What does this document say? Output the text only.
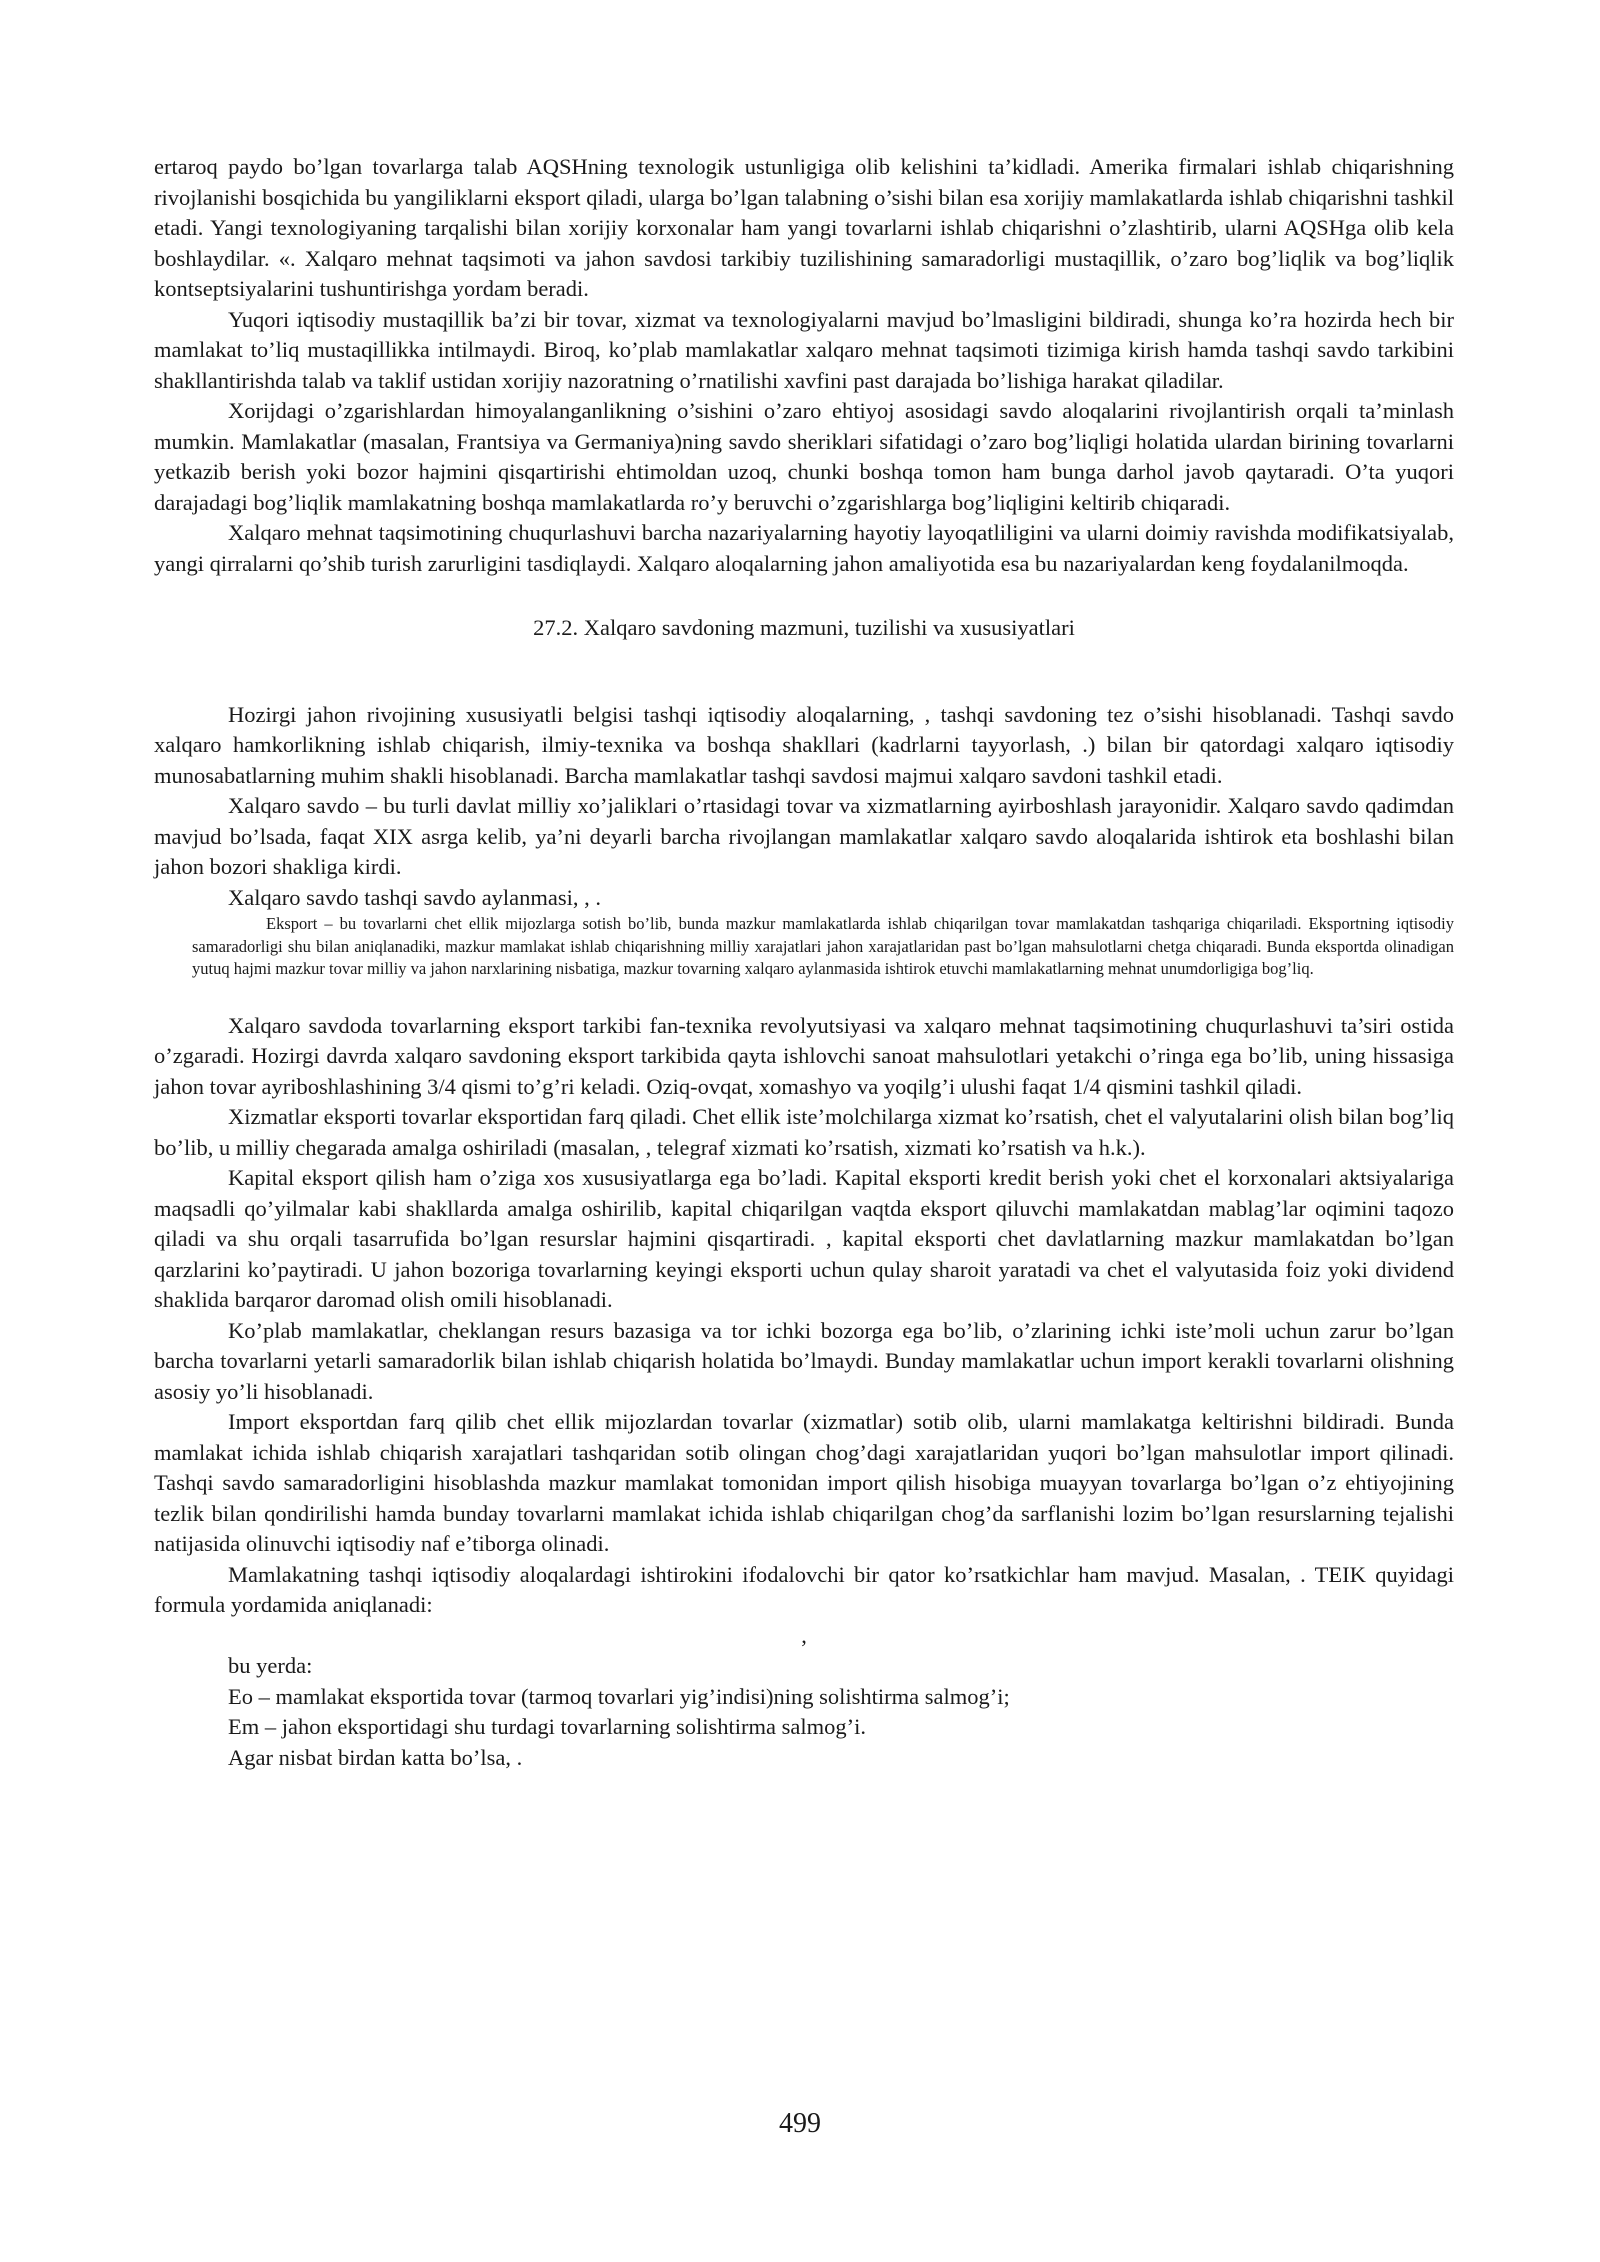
ertaroq paydo bo’lgan tovarlarga talab AQSHning texnologik ustunligiga olib kelishini ta’kidladi. Amerika firmalari ishlab chiqarishning rivojlanishi bosqichida bu yangiliklarni eksport qiladi, ularga bo’lgan talabning o’sishi bilan esa xorijiy mamlakatlarda ishlab chiqarishni tashkil etadi. Yangi texnologiyaning tarqalishi bilan xorijiy korxonalar ham yangi tovarlarni ishlab chiqarishni o’zlashtirib, ularni AQSHga olib kela boshlaydilar. «. Xalqaro mehnat taqsimoti va jahon savdosi tarkibiy tuzilishining samaradorligi mustaqillik, o’zaro bog’liqlik va bog’liqlik kontseptsiyalarini tushuntirishga yordam beradi.

Yuqori iqtisodiy mustaqillik ba’zi bir tovar, xizmat va texnologiyalarni mavjud bo’lmasligini bildiradi, shunga ko’ra hozirda hech bir mamlakat to’liq mustaqillikka intilmaydi. Biroq, ko’plab mamlakatlar xalqaro mehnat taqsimoti tizimiga kirish hamda tashqi savdo tarkibini shakllantirishda talab va taklif ustidan xorijiy nazoratning o’rnatilishi xavfini past darajada bo’lishiga harakat qiladilar.

Xorijdagi o’zgarishlardan himoyalanganlikning o’sishini o’zaro ehtiyoj asosidagi savdo aloqalarini rivojlantirish orqali ta’minlash mumkin. Mamlakatlar (masalan, Frantsiya va Germaniya)ning savdo sheriklari sifatidagi o’zaro bog’liqligi holatida ulardan birining tovarlarni yetkazib berish yoki bozor hajmini qisqartirishi ehtimoldan uzoq, chunki boshqa tomon ham bunga darhol javob qaytaradi. O’ta yuqori darajadagi bog’liqlik mamlakatning boshqa mamlakatlarda ro’y beruvchi o’zgarishlarga bog’liqligini keltirib chiqaradi.

Xalqaro mehnat taqsimotining chuqurlashuvi barcha nazariyalarning hayotiy layoqatliligini va ularni doimiy ravishda modifikatsiyalab, yangi qirralarni qo’shib turish zarurligini tasdiqlaydi. Xalqaro aloqalarning jahon amaliyotida esa bu nazariyalardan keng foydalanilmoqda.

27.2. Xalqaro savdoning mazmuni, tuzilishi va xususiyatlari

Hozirgi jahon rivojining xususiyatli belgisi tashqi iqtisodiy aloqalarning, , tashqi savdoning tez o’sishi hisoblanadi. Tashqi savdo xalqaro hamkorlikning ishlab chiqarish, ilmiy-texnika va boshqa shakllari (kadrlarni tayyorlash, .) bilan bir qatordagi xalqaro iqtisodiy munosabatlarning muhim shakli hisoblanadi. Barcha mamlakatlar tashqi savdosi majmui xalqaro savdoni tashkil etadi.

Xalqaro savdo – bu turli davlat milliy xo’jaliklari o’rtasidagi tovar va xizmatlarning ayirboshlash jarayonidir. Xalqaro savdo qadimdan mavjud bo’lsada, faqat XIX asrga kelib, ya’ni deyarli barcha rivojlangan mamlakatlar xalqaro savdo aloqalarida ishtirok eta boshlashi bilan jahon bozori shakliga kirdi.

Xalqaro savdo tashqi savdo aylanmasi, , .

Eksport – bu tovarlarni chet ellik mijozlarga sotish bo’lib, bunda mazkur mamlakatlarda ishlab chiqarilgan tovar mamlakatdan tashqariga chiqariladi. Eksportning iqtisodiy samaradorligi shu bilan aniqlanadiki, mazkur mamlakat ishlab chiqarishning milliy xarajatlari jahon xarajatlaridan past bo’lgan mahsulotlarni chetga chiqaradi. Bunda eksportda olinadigan yutuq hajmi mazkur tovar milliy va jahon narxlarining nisbatiga, mazkur tovarning xalqaro aylanmasida ishtirok etuvchi mamlakatlarning mehnat unumdorligiga bog’liq.

Xalqaro savdoda tovarlarning eksport tarkibi fan-texnika revolyutsiyasi va xalqaro mehnat taqsimotining chuqurlashuvi ta’siri ostida o’zgaradi. Hozirgi davrda xalqaro savdoning eksport tarkibida qayta ishlovchi sanoat mahsulotlari yetakchi o’ringa ega bo’lib, uning hissasiga jahon tovar ayriboshlashining 3/4 qismi to’g’ri keladi. Oziq-ovqat, xomashyo va yoqilg’i ulushi faqat 1/4 qismini tashkil qiladi.

Xizmatlar eksporti tovarlar eksportidan farq qiladi. Chet ellik iste’molchilarga xizmat ko’rsatish, chet el valyutalarini olish bilan bog’liq bo’lib, u milliy chegarada amalga oshiriladi (masalan, , telegraf xizmati ko’rsatish, xizmati ko’rsatish va h.k.).

Kapital eksport qilish ham o’ziga xos xususiyatlarga ega bo’ladi. Kapital eksporti kredit berish yoki chet el korxonalari aktsiyalariga maqsadli qo’yilmalar kabi shakllarda amalga oshirilib, kapital chiqarilgan vaqtda eksport qiluvchi mamlakatdan mablag’lar oqimini taqozo qiladi va shu orqali tasarrufida bo’lgan resurslar hajmini qisqartiradi. , kapital eksporti chet davlatlarning mazkur mamlakatdan bo’lgan qarzlarini ko’paytiradi. U jahon bozoriga tovarlarning keyingi eksporti uchun qulay sharoit yaratadi va chet el valyutasida foiz yoki dividend shaklida barqaror daromad olish omili hisoblanadi.

Ko’plab mamlakatlar, cheklangan resurs bazasiga va tor ichki bozorga ega bo’lib, o’zlarining ichki iste’moli uchun zarur bo’lgan barcha tovarlarni yetarli samaradorlik bilan ishlab chiqarish holatida bo’lmaydi. Bunday mamlakatlar uchun import kerakli tovarlarni olishning asosiy yo’li hisoblanadi.

Import eksportdan farq qilib chet ellik mijozlardan tovarlar (xizmatlar) sotib olib, ularni mamlakatga keltirishni bildiradi. Bunda mamlakat ichida ishlab chiqarish xarajatlari tashqaridan sotib olingan chog’dagi xarajatlaridan yuqori bo’lgan mahsulotlar import qilinadi. Tashqi savdo samaradorligini hisoblashda mazkur mamlakat tomonidan import qilish hisobiga muayyan tovarlarga bo’lgan o’z ehtiyojining tezlik bilan qondirilishi hamda bunday tovarlarni mamlakat ichida ishlab chiqarilgan chog’da sarflanishi lozim bo’lgan resurslarning tejalishi natijasida olinuvchi iqtisodiy naf e’tiborga olinadi.

Mamlakatning tashqi iqtisodiy aloqalardagi ishtirokini ifodalovchi bir qator ko’rsatkichlar ham mavjud. Masalan, . TEIK quyidagi formula yordamida aniqlanadi:

,

bu yerda:

Eo – mamlakat eksportida tovar (tarmoq tovarlari yig’indisi)ning solishtirma salmog’i;

Em – jahon eksportidagi shu turdagi tovarlarning solishtirma salmog’i.

Agar nisbat birdan katta bo’lsa, .

499
